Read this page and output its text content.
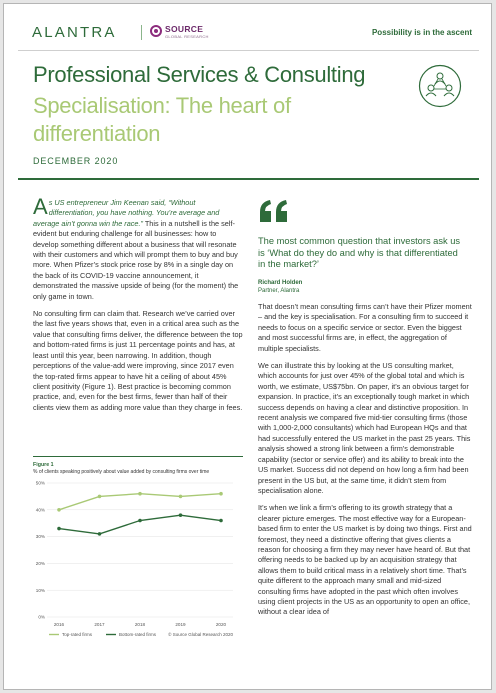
ALANTRA	SOURCE
GLOBAL RESEARCH	Possibility is in the ascent
Professional Services & Consulting
Specialisation: The heart of differentiation
DECEMBER 2020

As US entrepreneur Jim Keenan said, “Without differentiation, you have nothing. You’re average and average ain’t gonna win the race.” This in a nutshell is the self-evident but enduring challenge for all businesses: how to develop something different about a business that will resonate with their customers and which will prompt them to buy and buy more. When Pfizer’s stock price rose by 8% in a single day on the back of its COVID-19 vaccine announcement, it demonstrated the massive upside of being (for the moment) the only game in town.

No consulting firm can claim that. Research we’ve carried over the last five years shows that, even in a critical area such as the value that consulting firms deliver, the difference between the top and bottom-rated firms is just 11 percentage points and has, at least until this year, been narrowing. In addition, though perceptions of the value-add were improving, since 2017 even the top-rated firms appear to have hit a ceiling of about 45% client positivity (Figure 1). Best practice is becoming common practice, and, even for the best firms, fewer than half of their clients view them as adding more value than they charge in fees.

The most common question that investors ask us is ‘What do they do and why is that differentiated in the market?’
Richard Holden
Partner, Alantra

That doesn’t mean consulting firms can’t have their Pfizer moment – and the key is specialisation. For a consulting firm to succeed it needs to focus on a specific service or sector. Even the biggest and most successful firms are, in effect, the aggregation of multiple specialists.

We can illustrate this by looking at the US consulting market, which accounts for just over 45% of the global total and which is worth, we estimate, US$75bn. On paper, it’s an obvious target for expansion. In practice, it’s an exceptionally tough market in which success depends on having a clear and distinctive proposition. In recent analysis we compared five mid-tier consulting firms (those with 1,000-2,000 consultants) which had European HQs and that had successfully entered the US market in the past 25 years. This analysis showed a strong link between a firm’s demonstrable capability (sector or service offer) and its ability to break into the US market. Success did not depend on how long a firm had been present in the US but, at the same time, it didn’t stem from specialisation alone.

It’s when we link a firm’s offering to its growth strategy that a clearer picture emerges. The most effective way for a European-based firm to enter the US market is by doing two things. First and foremost, they need a distinctive offering that gives clients a reason for choosing a firm they may never have heard of. But that offering needs to be backed up by an acquisition strategy that allows them to build critical mass in a relatively short time. That’s quite different to the approach many small and mid-sized consulting firms have adopted in the past which often involves using client projects in the US as an opportunity to open an office, without a clear idea of

Figure 1
% of clients speaking positively about value added by consulting firms over time
0%
10%
20%
30%
40%
50%
2016	2017	2018	2019	2020
Top-rated firms	Bottom-rated firms	© Source Global Research 2020
